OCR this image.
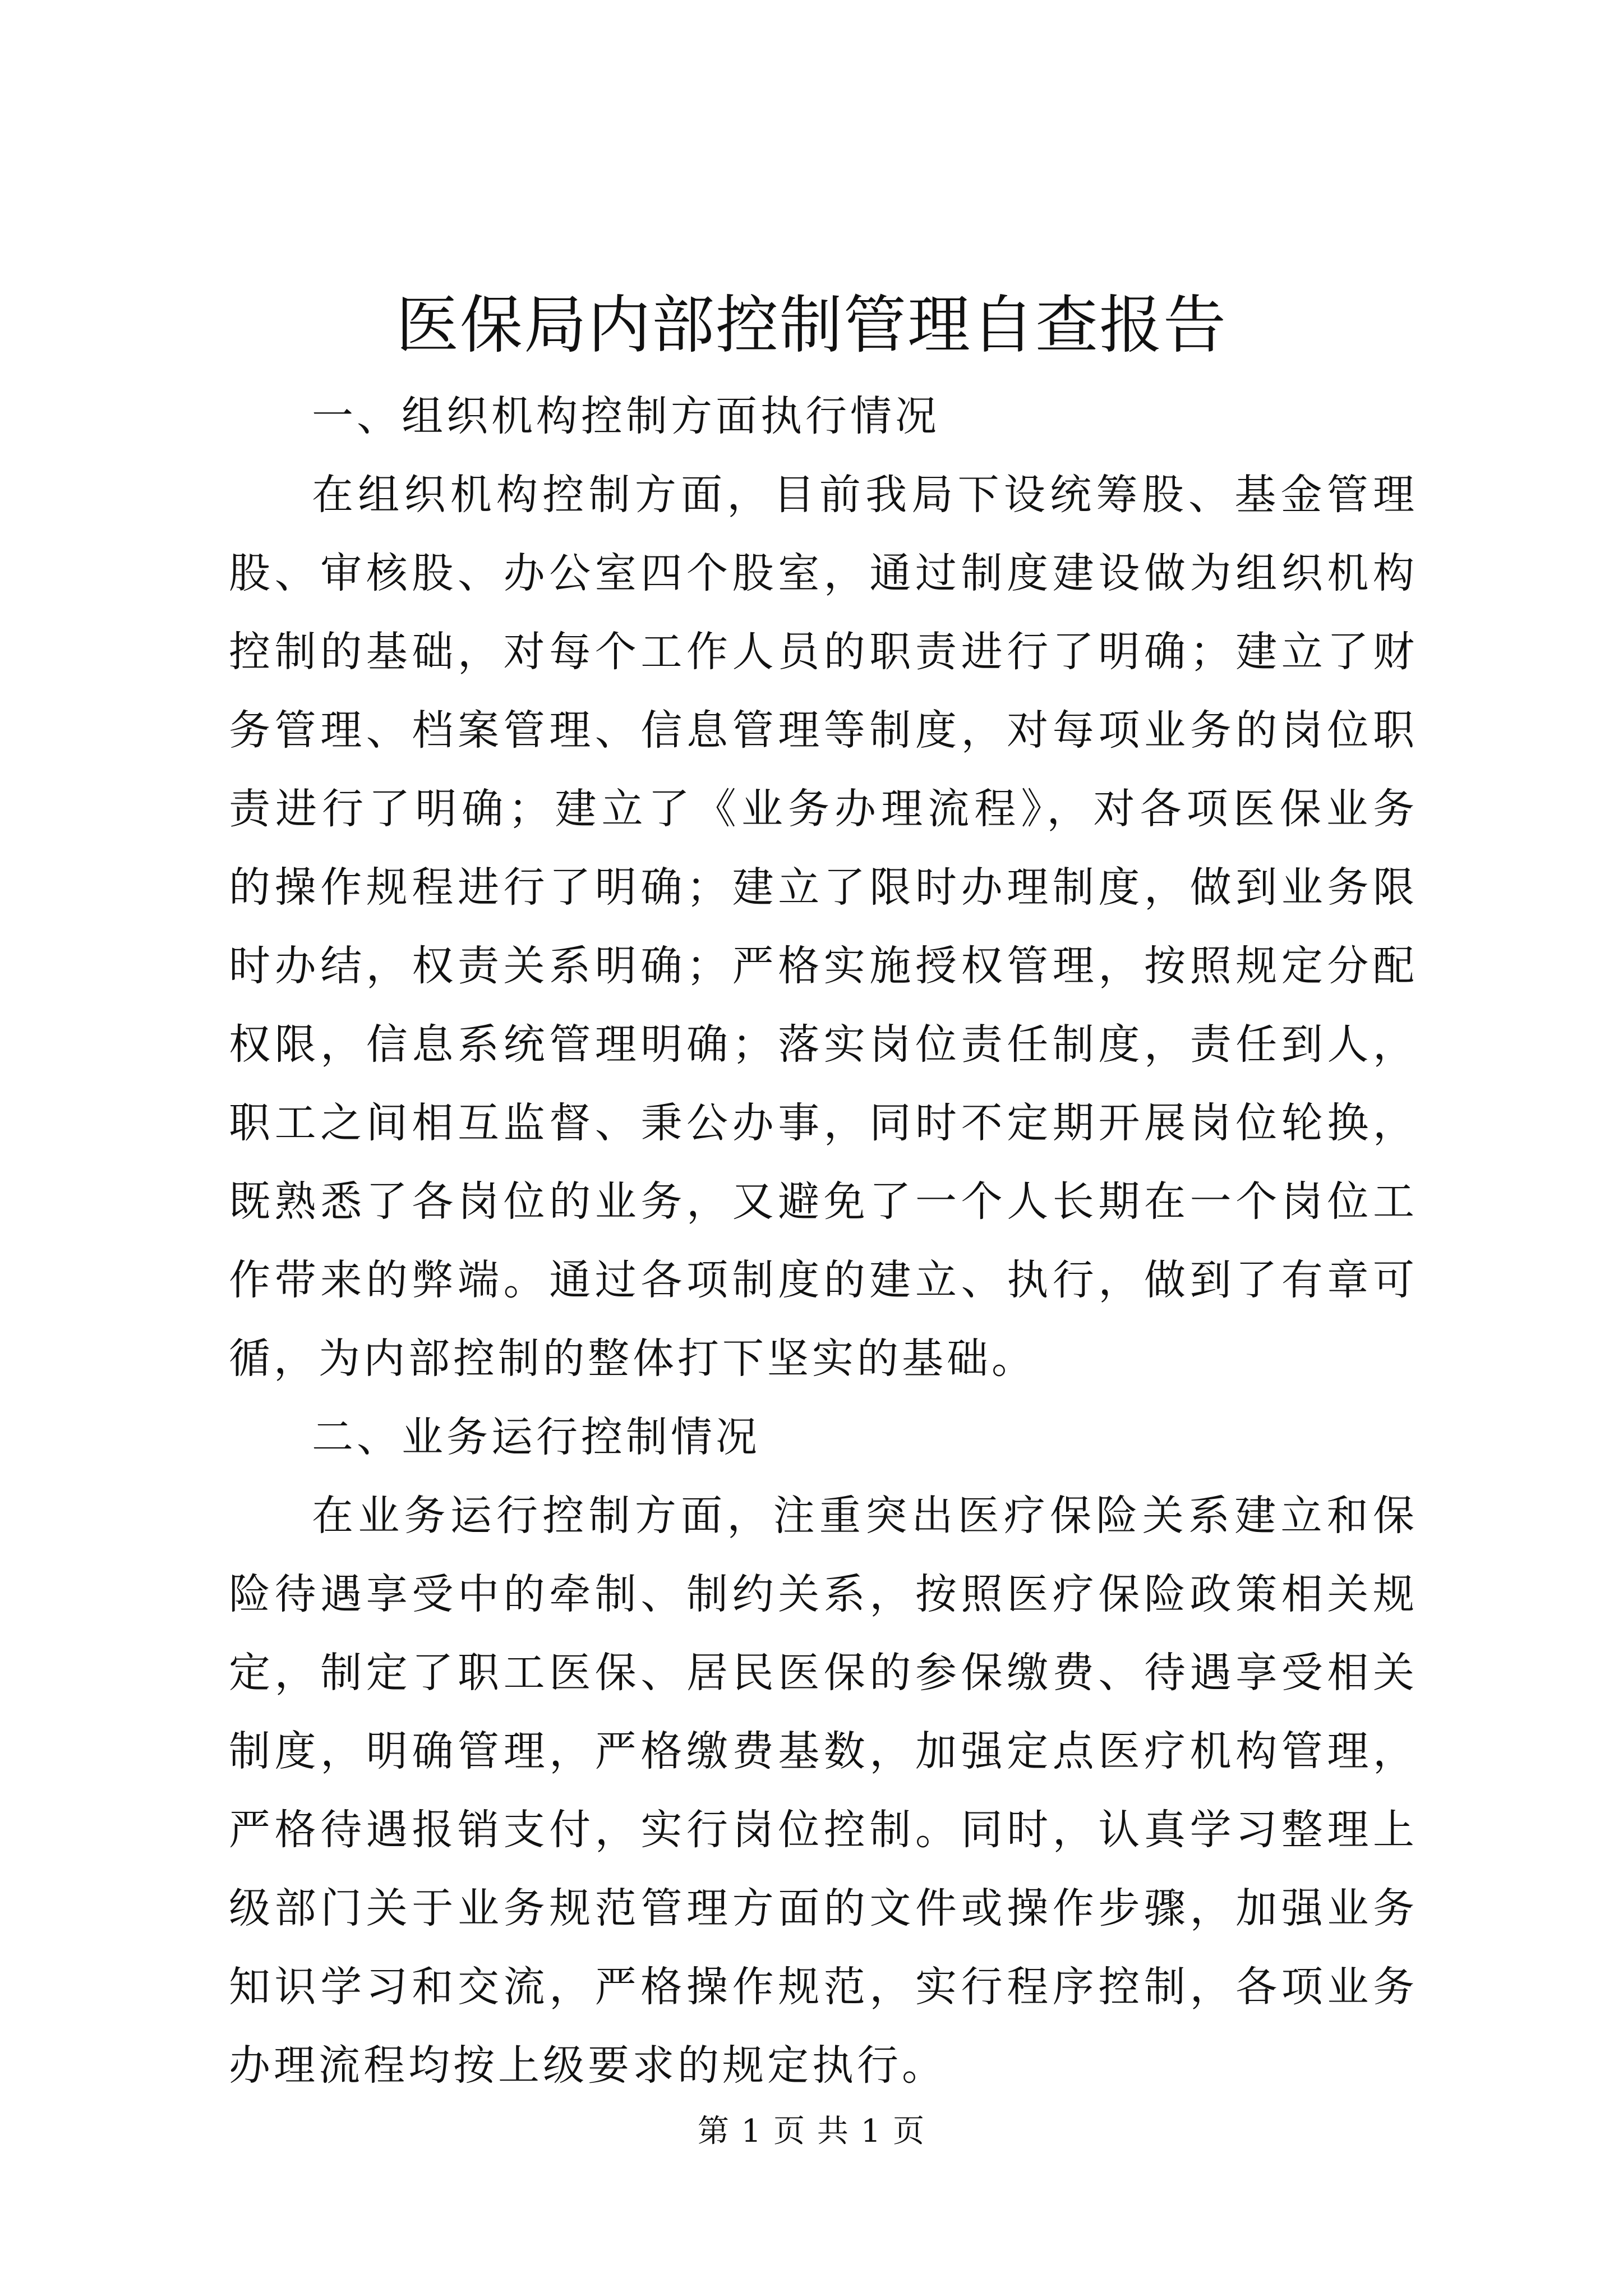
医保局内部控制管理自查报告

一、组织机构控制方面执行情况

在组织机构控制方面，目前我局下设统筹股、基金管理股、审核股、办公室四个股室，通过制度建设做为组织机构控制的基础，对每个工作人员的职责进行了明确；建立了财务管理、档案管理、信息管理等制度，对每项业务的岗位职责进行了明确；建立了《业务办理流程》，对各项医保业务的操作规程进行了明确；建立了限时办理制度，做到业务限时办结，权责关系明确；严格实施授权管理，按照规定分配权限，信息系统管理明确；落实岗位责任制度，责任到人，职工之间相互监督、秉公办事，同时不定期开展岗位轮换，既熟悉了各岗位的业务，又避免了一个人长期在一个岗位工作带来的弊端。通过各项制度的建立、执行，做到了有章可循，为内部控制的整体打下坚实的基础。

二、业务运行控制情况

在业务运行控制方面，注重突出医疗保险关系建立和保险待遇享受中的牵制、制约关系，按照医疗保险政策相关规定，制定了职工医保、居民医保的参保缴费、待遇享受相关制度，明确管理，严格缴费基数，加强定点医疗机构管理，严格待遇报销支付，实行岗位控制。同时，认真学习整理上级部门关于业务规范管理方面的文件或操作步骤，加强业务知识学习和交流，严格操作规范，实行程序控制，各项业务办理流程均按上级要求的规定执行。

第 1 页 共 1 页
